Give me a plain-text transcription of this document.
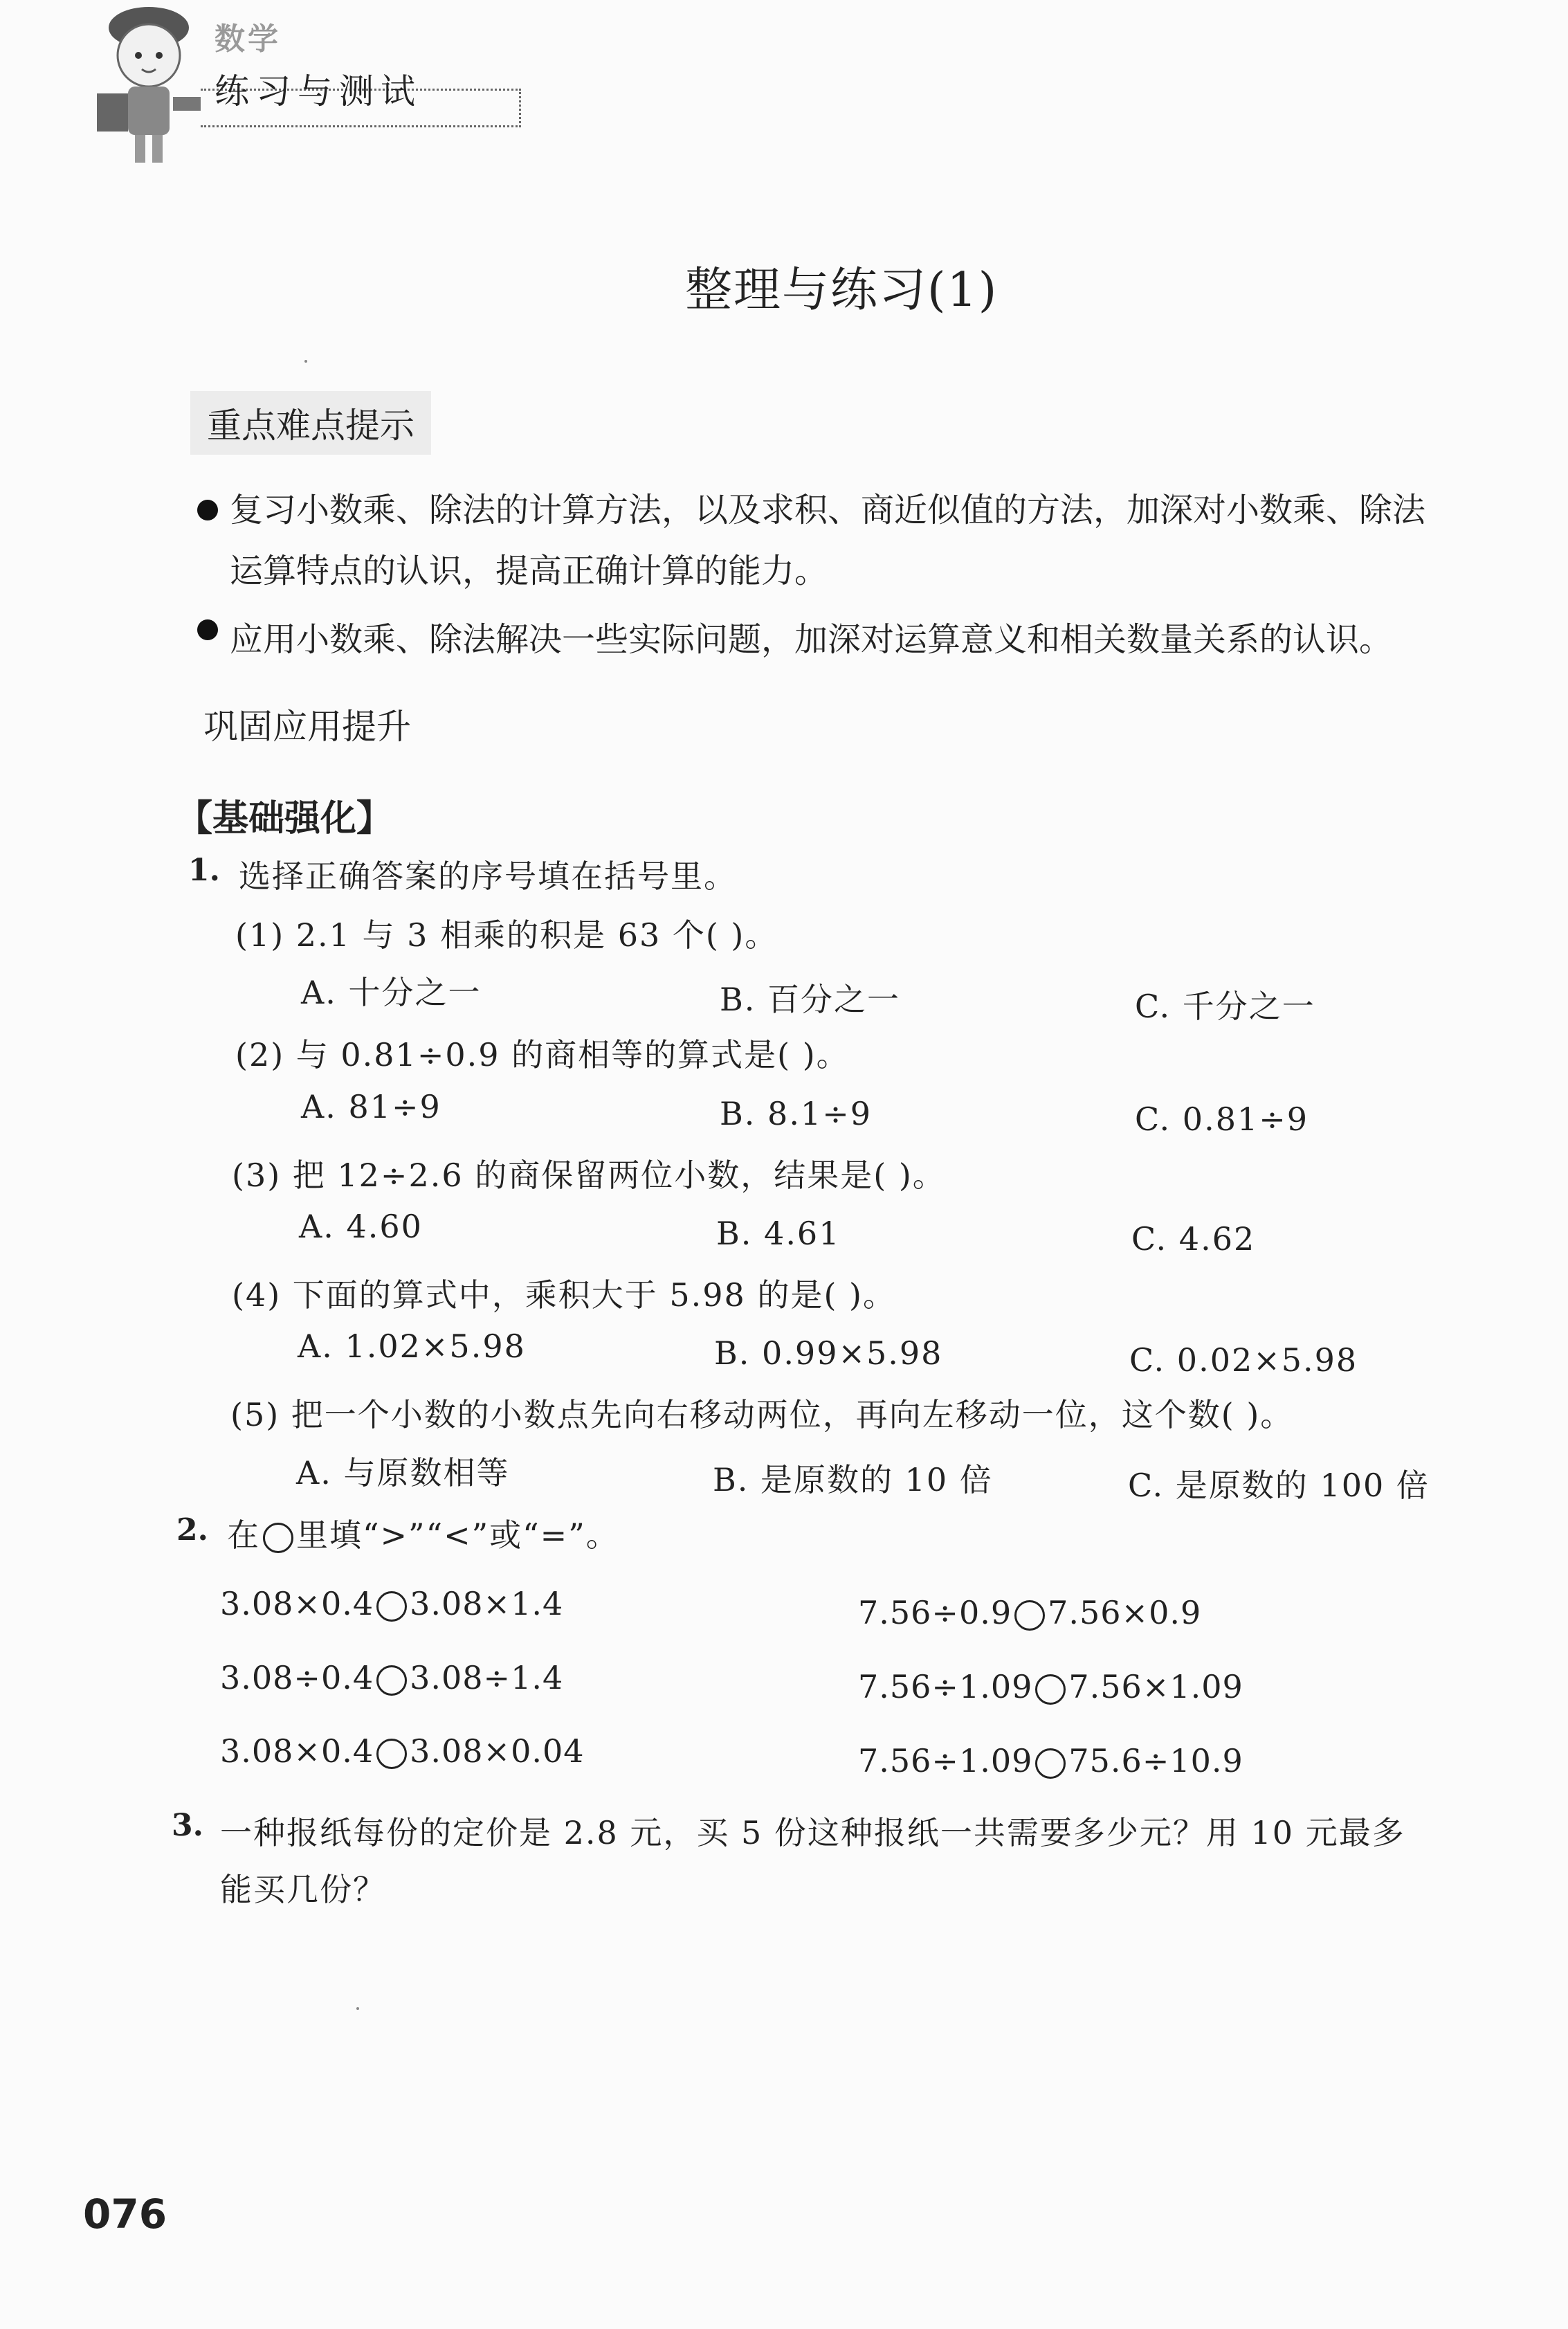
数学
练习与测试
整理与练习(1)
重点难点提示
复习小数乘、除法的计算方法，以及求积、商近似值的方法，加深对小数乘、除法
运算特点的认识，提高正确计算的能力。
应用小数乘、除法解决一些实际问题，加深对运算意义和相关数量关系的认识。
巩固应用提升
【基础强化】
1. 选择正确答案的序号填在括号里。
(1) 2.1 与 3 相乘的积是 63 个( )。
A. 十分之一	B. 百分之一	C. 千分之一
(2) 与 0.81÷0.9 的商相等的算式是( )。
A. 81÷9	B. 8.1÷9	C. 0.81÷9
(3) 把 12÷2.6 的商保留两位小数，结果是( )。
A. 4.60	B. 4.61	C. 4.62
(4) 下面的算式中，乘积大于 5.98 的是( )。
A. 1.02×5.98	B. 0.99×5.98	C. 0.02×5.98
(5) 把一个小数的小数点先向右移动两位，再向左移动一位，这个数( )。
A. 与原数相等	B. 是原数的 10 倍	C. 是原数的 100 倍
2. 在 里填“>”“<”或“=”。
3.08×0.4 3.08×1.4	7.56÷0.9 7.56×0.9
3.08÷0.4 3.08÷1.4	7.56÷1.09 7.56×1.09
3.08×0.4 3.08×0.04	7.56÷1.09 75.6÷10.9
3. 一种报纸每份的定价是 2.8 元，买 5 份这种报纸一共需要多少元？用 10 元最多
能买几份？
076
